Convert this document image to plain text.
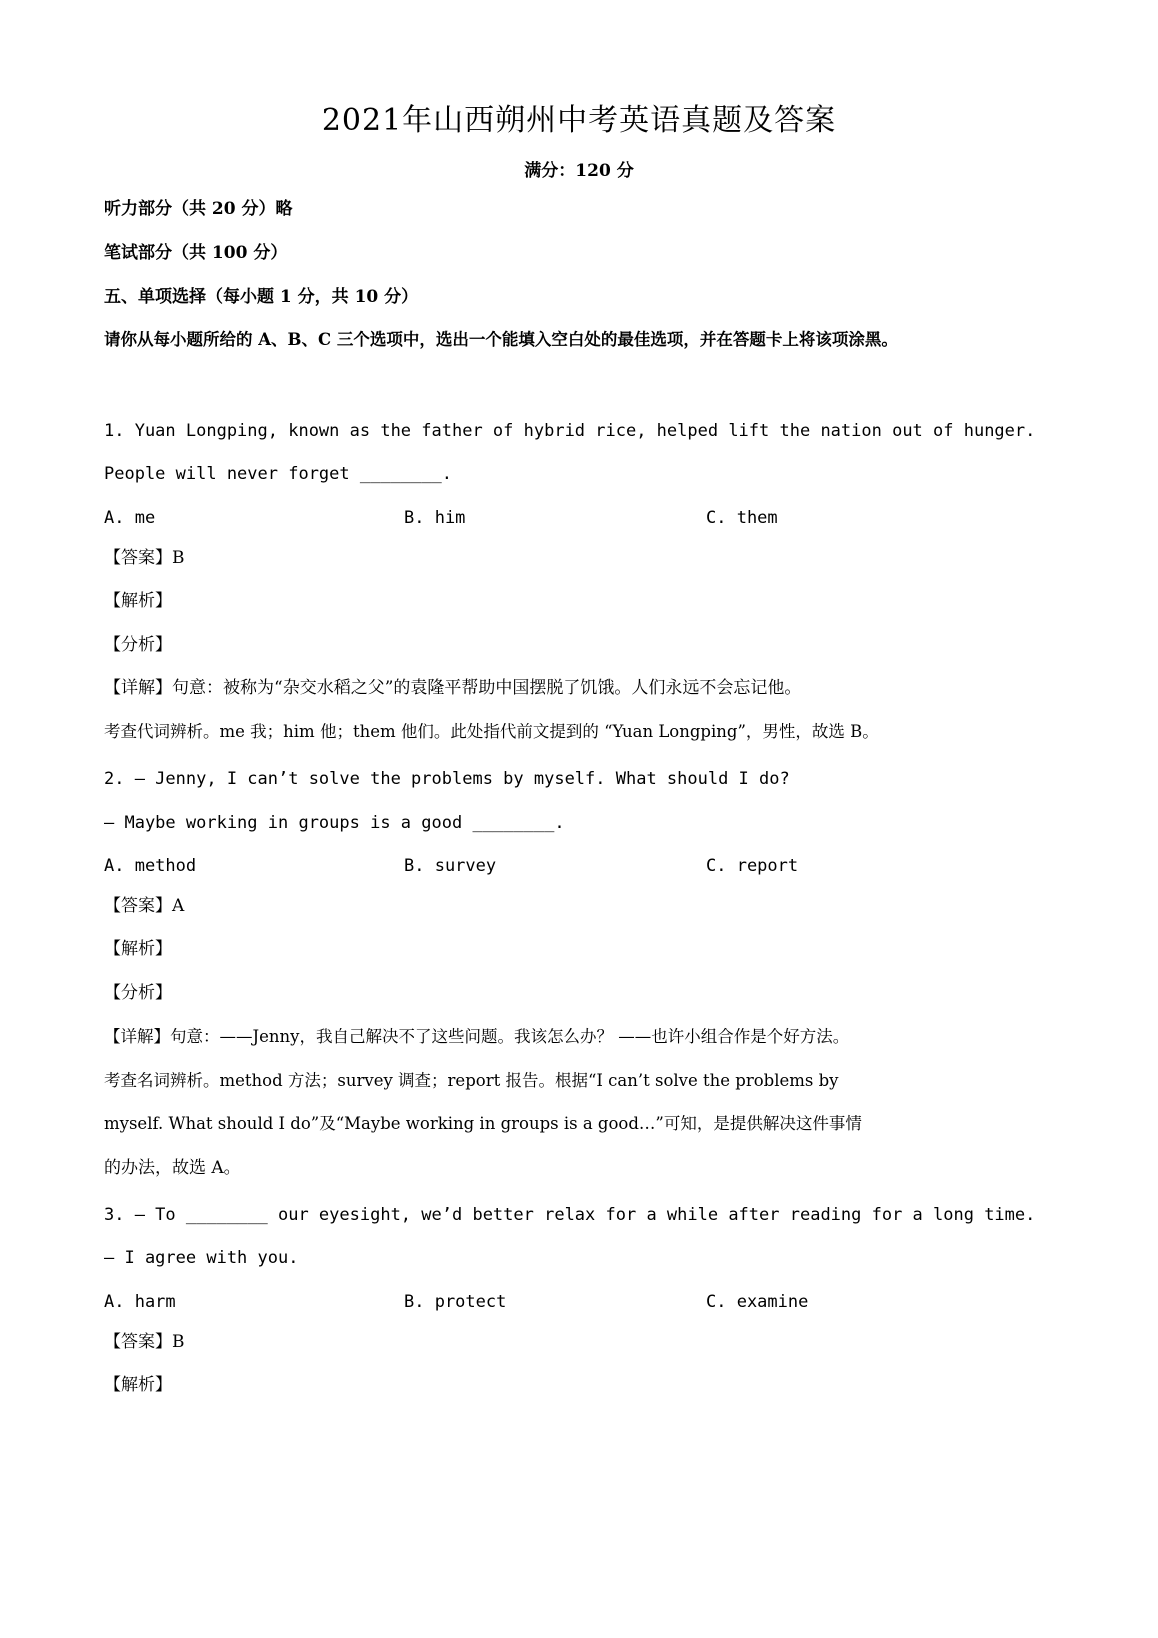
2021年山西朔州中考英语真题及答案
满分：120 分
听力部分（共 20 分）略
笔试部分（共 100 分）
五、单项选择（每小题 1 分，共 10 分）
请你从每小题所给的 A、B、C 三个选项中，选出一个能填入空白处的最佳选项，并在答题卡上将该项涂黑。
1. Yuan Longping, known as the father of hybrid rice, helped lift the nation out of hunger.
People will never forget ________.
A. me	B. him	C. them
【答案】B
【解析】
【分析】
【详解】句意：被称为“杂交水稻之父”的袁隆平帮助中国摆脱了饥饿。人们永远不会忘记他。
考查代词辨析。me 我；him 他；them 他们。此处指代前文提到的 “Yuan Longping”，男性，故选 B。
2. — Jenny, I can’t solve the problems by myself. What should I do?
— Maybe working in groups is a good ________.
A. method	B. survey	C. report
【答案】A
【解析】
【分析】
【详解】句意：——Jenny，我自己解决不了这些问题。我该怎么办？ ——也许小组合作是个好方法。
考查名词辨析。method 方法；survey 调查；report 报告。根据“I can’t solve the problems by
myself. What should I do”及“Maybe working in groups is a good…”可知，是提供解决这件事情
的办法，故选 A。
3. — To ________ our eyesight, we’d better relax for a while after reading for a long time.
— I agree with you.
A. harm	B. protect	C. examine
【答案】B
【解析】
